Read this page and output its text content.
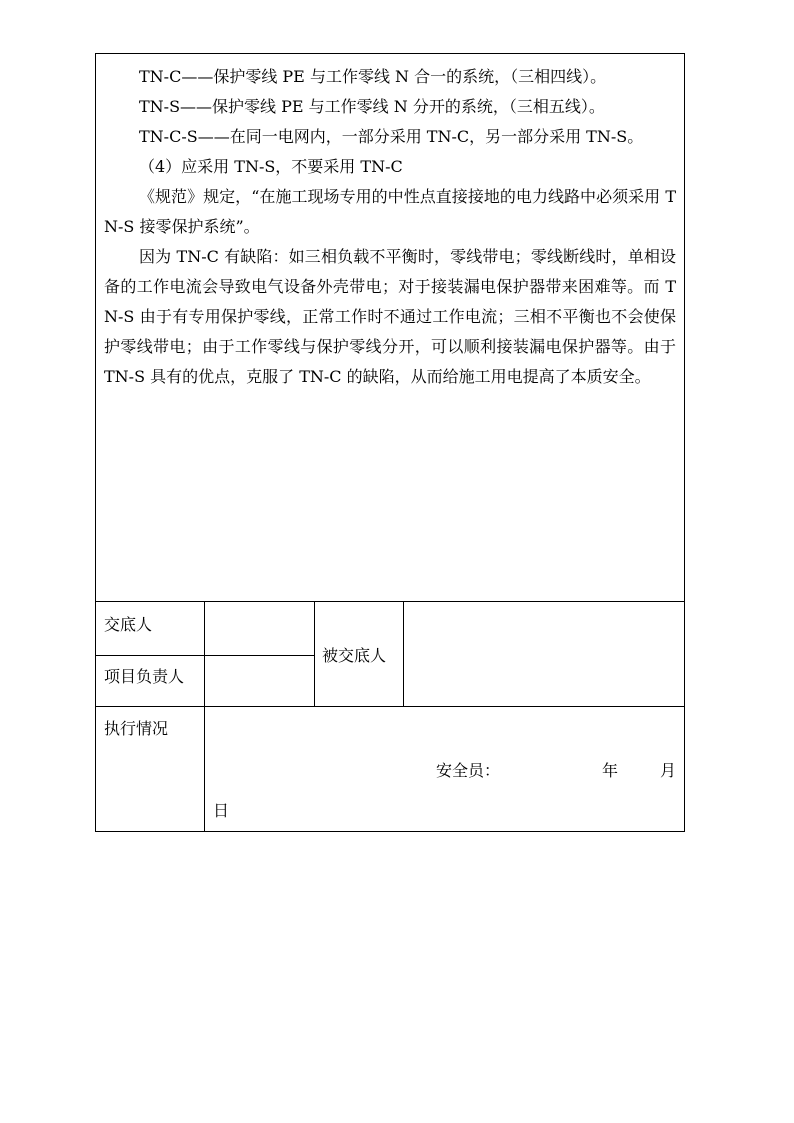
TN-C——保护零线 PE 与工作零线 N 合一的系统，（三相四线）。

TN-S——保护零线 PE 与工作零线 N 分开的系统，（三相五线）。

TN-C-S——在同一电网内，一部分采用 TN-C，另一部分采用 TN-S。

（4）应采用 TN-S，不要采用 TN-C

《规范》规定，“在施工现场专用的中性点直接接地的电力线路中必须采用 TN-S 接零保护系统”。

因为 TN-C 有缺陷：如三相负载不平衡时，零线带电；零线断线时，单相设备的工作电流会导致电气设备外壳带电；对于接装漏电保护器带来困难等。而 TN-S 由于有专用保护零线，正常工作时不通过工作电流；三相不平衡也不会使保护零线带电；由于工作零线与保护零线分开，可以顺利接装漏电保护器等。由于 TN-S 具有的优点，克服了 TN-C 的缺陷，从而给施工用电提高了本质安全。

交底人
项目负责人
被交底人
执行情况
安全员：	年	月
日
